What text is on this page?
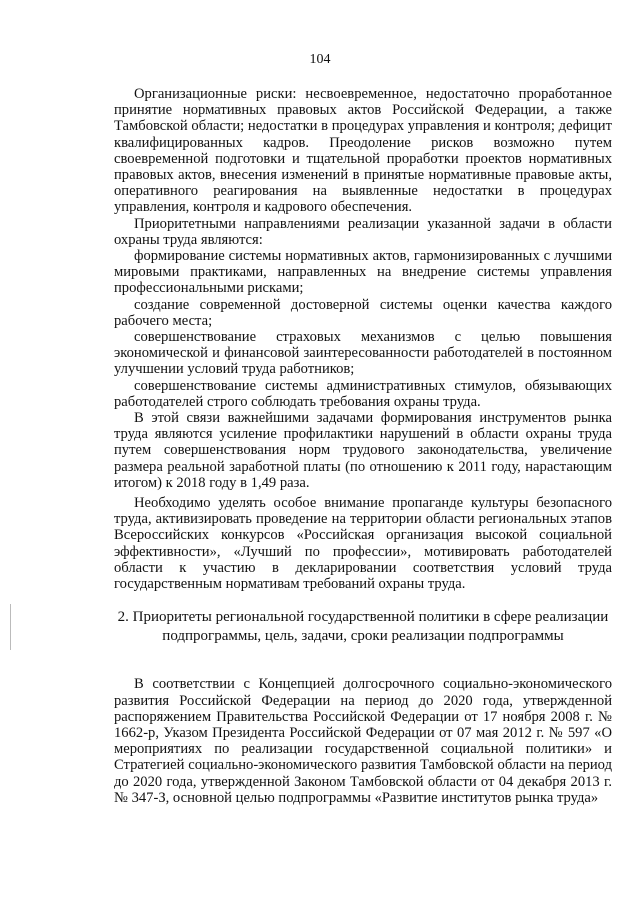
104

Организационные риски: несвоевременное, недостаточно проработанное принятие нормативных правовых актов Российской Федерации, а также Тамбовской области; недостатки в процедурах управления и контроля; дефицит квалифицированных кадров. Преодоление рисков возможно путем своевременной подготовки и тщательной проработки проектов нормативных правовых актов, внесения изменений в принятые нормативные правовые акты, оперативного реагирования на выявленные недостатки в процедурах управления, контроля и кадрового обеспечения.

Приоритетными направлениями реализации указанной задачи в области охраны труда являются:

формирование системы нормативных актов, гармонизированных с лучшими мировыми практиками, направленных на внедрение системы управления профессиональными рисками;

создание современной достоверной системы оценки качества каждого рабочего места;

совершенствование страховых механизмов с целью повышения экономической и финансовой заинтересованности работодателей в постоянном улучшении условий труда работников;

совершенствование системы административных стимулов, обязывающих работодателей строго соблюдать требования охраны труда.

В этой связи важнейшими задачами формирования инструментов рынка труда являются усиление профилактики нарушений в области охраны труда путем совершенствования норм трудового законодательства, увеличение размера реальной заработной платы (по отношению к 2011 году, нарастающим итогом) к 2018 году в 1,49 раза.

Необходимо уделять особое внимание пропаганде культуры безопасного труда, активизировать проведение на территории области региональных этапов Всероссийских конкурсов «Российская организация высокой социальной эффективности», «Лучший по профессии», мотивировать работодателей области к участию в декларировании соответствия условий труда государственным нормативам требований охраны труда.

2. Приоритеты региональной государственной политики в сфере реализации подпрограммы, цель, задачи, сроки реализации подпрограммы

В соответствии с Концепцией долгосрочного социально-экономического развития Российской Федерации на период до 2020 года, утвержденной распоряжением Правительства Российской Федерации от 17 ноября 2008 г. № 1662-р, Указом Президента Российской Федерации от 07 мая 2012 г. № 597 «О мероприятиях по реализации государственной социальной политики» и Стратегией социально-экономического развития Тамбовской области на период до 2020 года, утвержденной Законом Тамбовской области от 04 декабря 2013 г. № 347-З, основной целью подпрограммы «Развитие институтов рынка труда»
